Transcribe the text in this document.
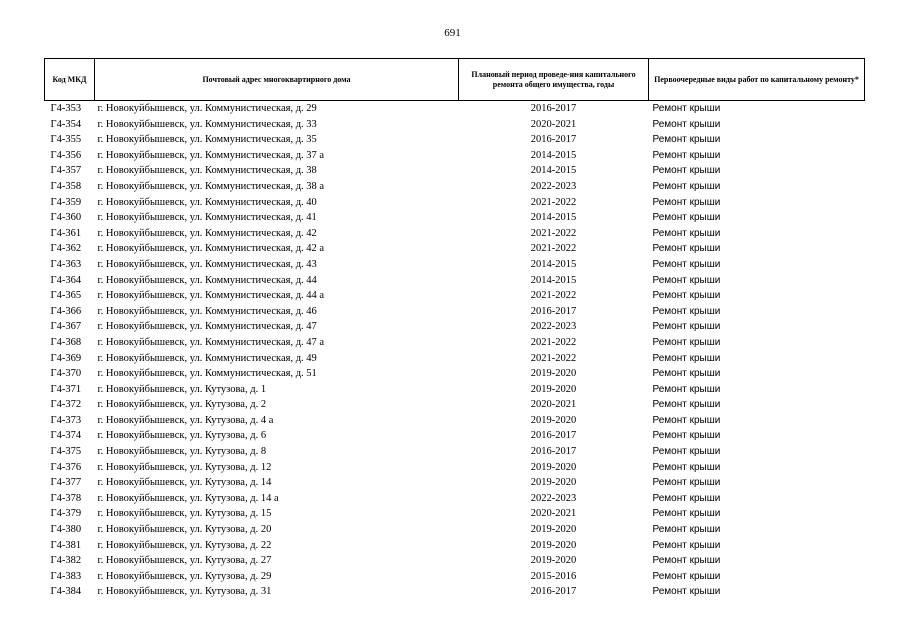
691
Код МКД	Почтовый адрес многоквартирного дома	Плановый период проведе-ния капитального ремонта общего имущества, годы	Первоочередные виды работ по капитальному ремонту*
Г4-353	г. Новокуйбышевск, ул. Коммунистическая, д. 29	2016-2017	Ремонт крыши
Г4-354	г. Новокуйбышевск, ул. Коммунистическая, д. 33	2020-2021	Ремонт крыши
Г4-355	г. Новокуйбышевск, ул. Коммунистическая, д. 35	2016-2017	Ремонт крыши
Г4-356	г. Новокуйбышевск, ул. Коммунистическая, д. 37 а	2014-2015	Ремонт крыши
Г4-357	г. Новокуйбышевск, ул. Коммунистическая, д. 38	2014-2015	Ремонт крыши
Г4-358	г. Новокуйбышевск, ул. Коммунистическая, д. 38 а	2022-2023	Ремонт крыши
Г4-359	г. Новокуйбышевск, ул. Коммунистическая, д. 40	2021-2022	Ремонт крыши
Г4-360	г. Новокуйбышевск, ул. Коммунистическая, д. 41	2014-2015	Ремонт крыши
Г4-361	г. Новокуйбышевск, ул. Коммунистическая, д. 42	2021-2022	Ремонт крыши
Г4-362	г. Новокуйбышевск, ул. Коммунистическая, д. 42 а	2021-2022	Ремонт крыши
Г4-363	г. Новокуйбышевск, ул. Коммунистическая, д. 43	2014-2015	Ремонт крыши
Г4-364	г. Новокуйбышевск, ул. Коммунистическая, д. 44	2014-2015	Ремонт крыши
Г4-365	г. Новокуйбышевск, ул. Коммунистическая, д. 44 а	2021-2022	Ремонт крыши
Г4-366	г. Новокуйбышевск, ул. Коммунистическая, д. 46	2016-2017	Ремонт крыши
Г4-367	г. Новокуйбышевск, ул. Коммунистическая, д. 47	2022-2023	Ремонт крыши
Г4-368	г. Новокуйбышевск, ул. Коммунистическая, д. 47 а	2021-2022	Ремонт крыши
Г4-369	г. Новокуйбышевск, ул. Коммунистическая, д. 49	2021-2022	Ремонт крыши
Г4-370	г. Новокуйбышевск, ул. Коммунистическая, д. 51	2019-2020	Ремонт крыши
Г4-371	г. Новокуйбышевск, ул. Кутузова, д. 1	2019-2020	Ремонт крыши
Г4-372	г. Новокуйбышевск, ул. Кутузова, д. 2	2020-2021	Ремонт крыши
Г4-373	г. Новокуйбышевск, ул. Кутузова, д. 4 а	2019-2020	Ремонт крыши
Г4-374	г. Новокуйбышевск, ул. Кутузова, д. 6	2016-2017	Ремонт крыши
Г4-375	г. Новокуйбышевск, ул. Кутузова, д. 8	2016-2017	Ремонт крыши
Г4-376	г. Новокуйбышевск, ул. Кутузова, д. 12	2019-2020	Ремонт крыши
Г4-377	г. Новокуйбышевск, ул. Кутузова, д. 14	2019-2020	Ремонт крыши
Г4-378	г. Новокуйбышевск, ул. Кутузова, д. 14 а	2022-2023	Ремонт крыши
Г4-379	г. Новокуйбышевск, ул. Кутузова, д. 15	2020-2021	Ремонт крыши
Г4-380	г. Новокуйбышевск, ул. Кутузова, д. 20	2019-2020	Ремонт крыши
Г4-381	г. Новокуйбышевск, ул. Кутузова, д. 22	2019-2020	Ремонт крыши
Г4-382	г. Новокуйбышевск, ул. Кутузова, д. 27	2019-2020	Ремонт крыши
Г4-383	г. Новокуйбышевск, ул. Кутузова, д. 29	2015-2016	Ремонт крыши
Г4-384	г. Новокуйбышевск, ул. Кутузова, д. 31	2016-2017	Ремонт крыши
